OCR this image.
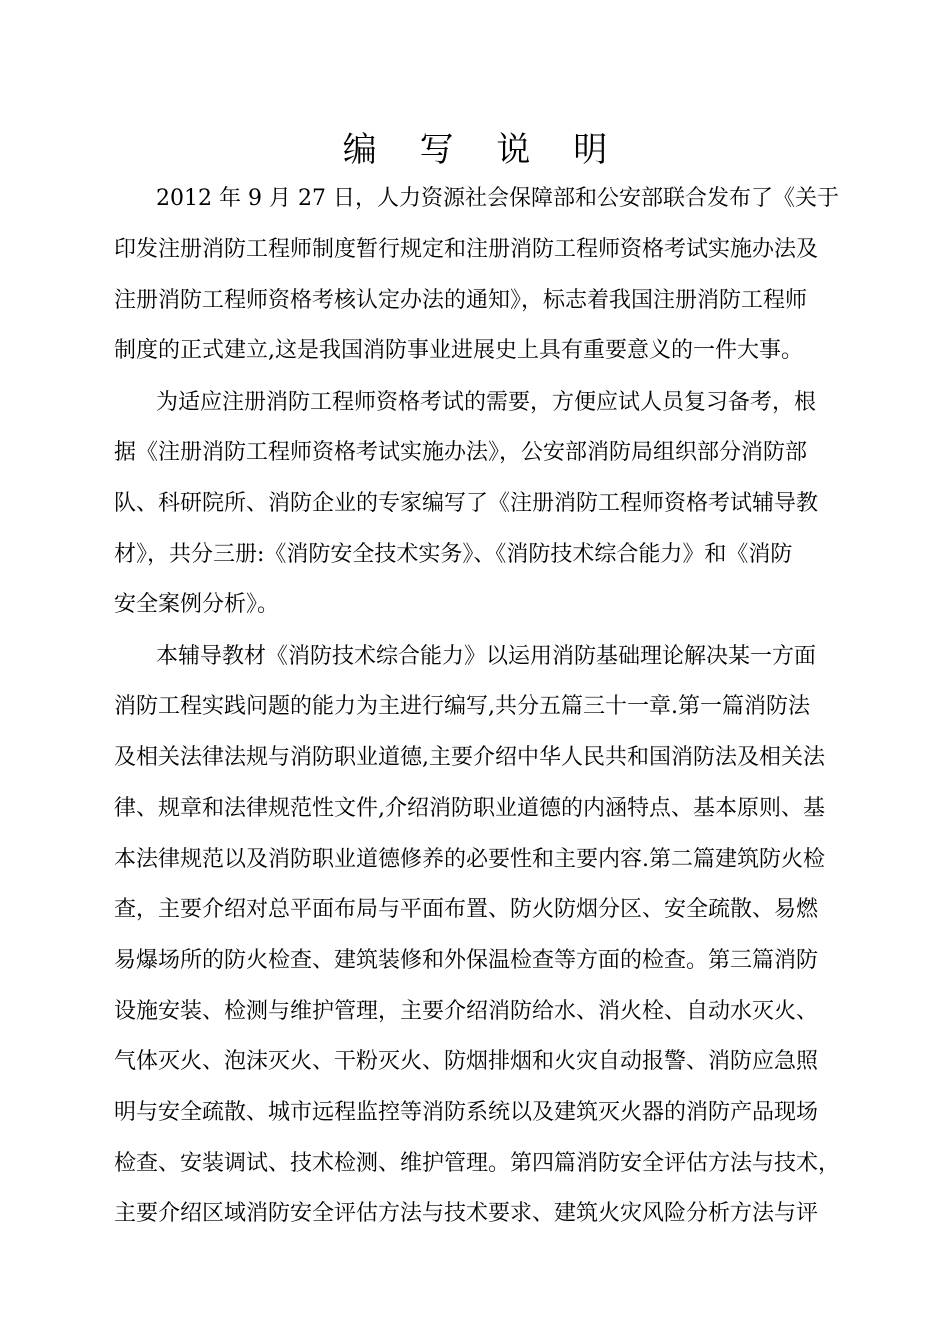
编 写 说 明
2012 年 9 月 27 日，人力资源社会保障部和公安部联合发布了《关于
印发注册消防工程师制度暂行规定和注册消防工程师资格考试实施办法及
注册消防工程师资格考核认定办法的通知》，标志着我国注册消防工程师
制度的正式建立,这是我国消防事业进展史上具有重要意义的一件大事。
为适应注册消防工程师资格考试的需要，方便应试人员复习备考，根
据《注册消防工程师资格考试实施办法》，公安部消防局组织部分消防部
队、科研院所、消防企业的专家编写了《注册消防工程师资格考试辅导教
材》，共分三册:《消防安全技术实务》、《消防技术综合能力》和《消防
安全案例分析》。
本辅导教材《消防技术综合能力》以运用消防基础理论解决某一方面
消防工程实践问题的能力为主进行编写,共分五篇三十一章.第一篇消防法
及相关法律法规与消防职业道德,主要介绍中华人民共和国消防法及相关法
律、规章和法律规范性文件,介绍消防职业道德的内涵特点、基本原则、基
本法律规范以及消防职业道德修养的必要性和主要内容.第二篇建筑防火检
查，主要介绍对总平面布局与平面布置、防火防烟分区、安全疏散、易燃
易爆场所的防火检查、建筑装修和外保温检查等方面的检查。第三篇消防
设施安装、检测与维护管理，主要介绍消防给水、消火栓、自动水灭火、
气体灭火、泡沫灭火、干粉灭火、防烟排烟和火灾自动报警、消防应急照
明与安全疏散、城市远程监控等消防系统以及建筑灭火器的消防产品现场
检查、安装调试、技术检测、维护管理。第四篇消防安全评估方法与技术，
主要介绍区域消防安全评估方法与技术要求、建筑火灾风险分析方法与评
